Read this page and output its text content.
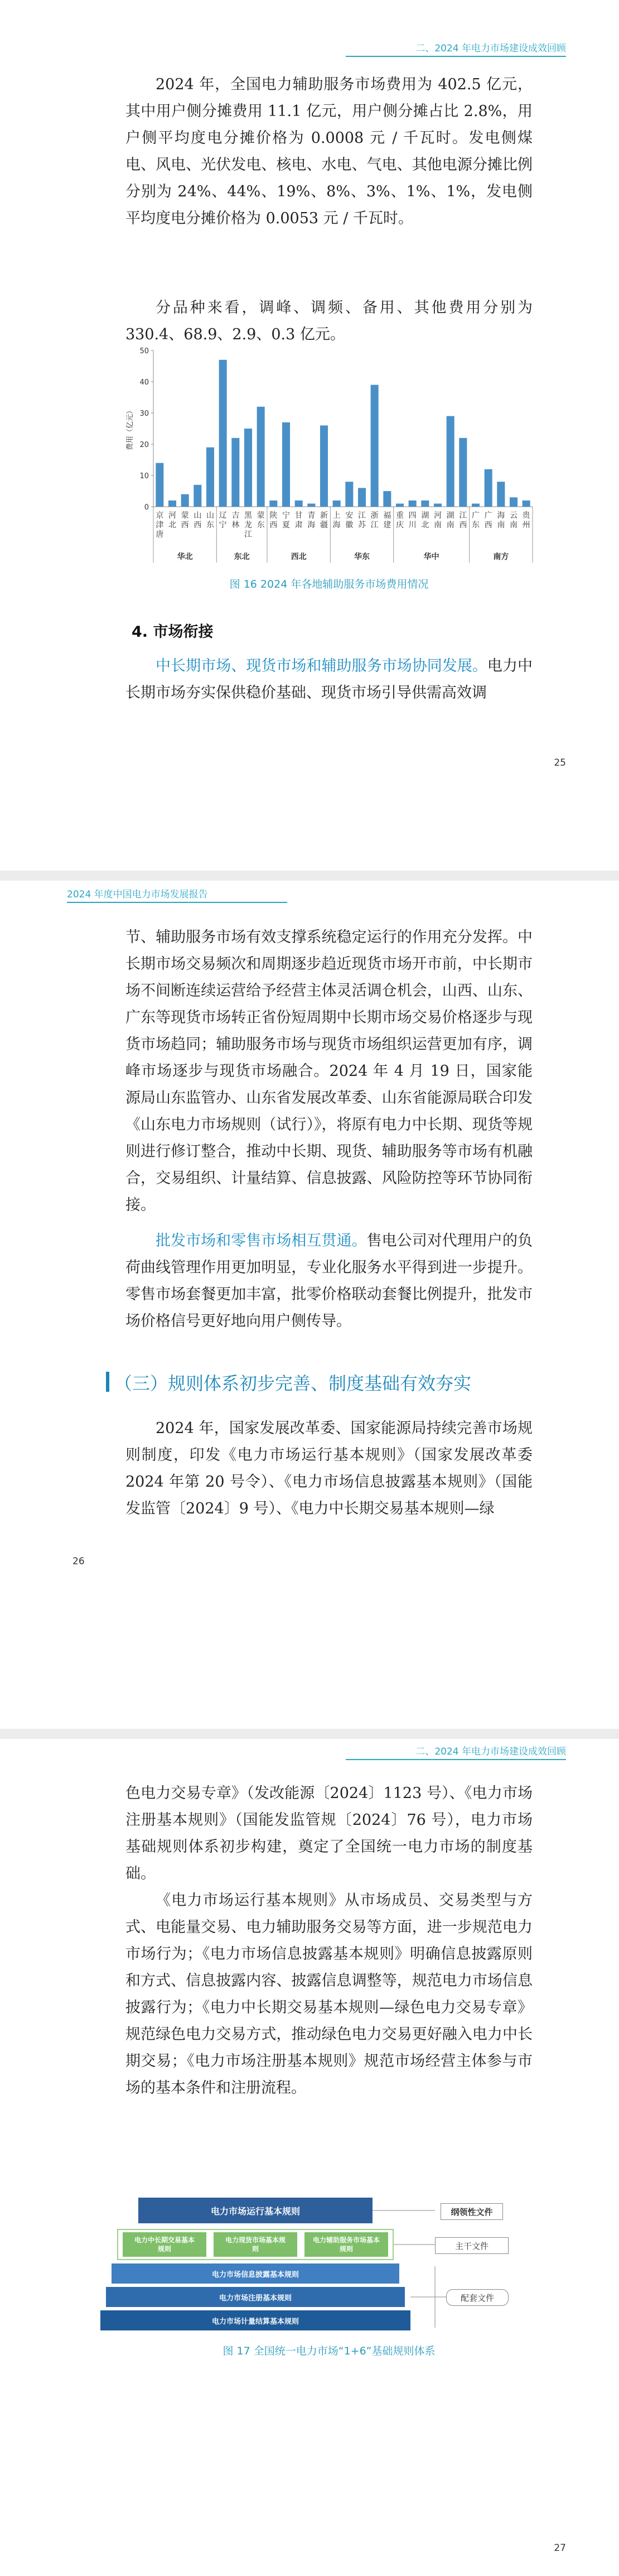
二、2024 年电力市场建设成效回顾

2024 年，全国电力辅助服务市场费用为 402.5 亿元，其中用户侧分摊费用 11.1 亿元，用户侧分摊占比 2.8%，用户侧平均度电分摊价格为 0.0008 元 / 千瓦时。发电侧煤电、风电、光伏发电、核电、水电、气电、其他电源分摊比例分别为 24%、44%、19%、8%、3%、1%、1%，发电侧平均度电分摊价格为 0.0053 元 / 千瓦时。

分品种来看，调峰、调频、备用、其他费用分别为 330.4、68.9、2.9、0.3 亿元。

0
10
20
30
40
50
费用（亿元）
京
津
唐
河
北
蒙
西
山
西
山
东
辽
宁
吉
林
黑
龙
江
蒙
东
陕
西
宁
夏
甘
肃
青
海
新
疆
上
海
安
徽
江
苏
浙
江
福
建
重
庆
四
川
湖
北
河
南
湖
南
江
西
广
东
广
西
海
南
云
南
贵
州
华北	东北	西北	华东	华中	南方
图 16 2024 年各地辅助服务市场费用情况
4. 市场衔接

中长期市场、现货市场和辅助服务市场协同发展。电力中长期市场夯实保供稳价基础、现货市场引导供需高效调

25
2024 年度中国电力市场发展报告

节、辅助服务市场有效支撑系统稳定运行的作用充分发挥。中长期市场交易频次和周期逐步趋近现货市场开市前，中长期市场不间断连续运营给予经营主体灵活调仓机会，山西、山东、广东等现货市场转正省份短周期中长期市场交易价格逐步与现货市场趋同；辅助服务市场与现货市场组织运营更加有序，调峰市场逐步与现货市场融合。2024 年 4 月 19 日，国家能源局山东监管办、山东省发展改革委、山东省能源局联合印发《山东电力市场规则（试行）》，将原有电力中长期、现货等规则进行修订整合，推动中长期、现货、辅助服务等市场有机融合，交易组织、计量结算、信息披露、风险防控等环节协同衔接。

批发市场和零售市场相互贯通。售电公司对代理用户的负荷曲线管理作用更加明显，专业化服务水平得到进一步提升。零售市场套餐更加丰富，批零价格联动套餐比例提升，批发市场价格信号更好地向用户侧传导。

（三）规则体系初步完善、制度基础有效夯实

2024 年，国家发展改革委、国家能源局持续完善市场规则制度，印发《电力市场运行基本规则》（国家发展改革委 2024 年第 20 号令）、《电力市场信息披露基本规则》（国能发监管〔2024〕9 号）、《电力中长期交易基本规则—绿

26
二、2024 年电力市场建设成效回顾

色电力交易专章》（发改能源〔2024〕1123 号）、《电力市场注册基本规则》（国能发监管规〔2024〕76 号），电力市场基础规则体系初步构建，奠定了全国统一电力市场的制度基础。

《电力市场运行基本规则》从市场成员、交易类型与方式、电能量交易、电力辅助服务交易等方面，进一步规范电力市场行为；《电力市场信息披露基本规则》明确信息披露原则和方式、信息披露内容、披露信息调整等，规范电力市场信息披露行为；《电力中长期交易基本规则—绿色电力交易专章》规范绿色电力交易方式，推动绿色电力交易更好融入电力中长期交易；《电力市场注册基本规则》规范市场经营主体参与市场的基本条件和注册流程。

电力市场运行基本规则
电力中长期交易基本规则
电力现货市场基本规则
电力辅助服务市场基本规则
电力市场信息披露基本规则
电力市场注册基本规则
电力市场计量结算基本规则
纲领性文件
主干文件
配套文件
图 17 全国统一电力市场“1+6”基础规则体系
27
